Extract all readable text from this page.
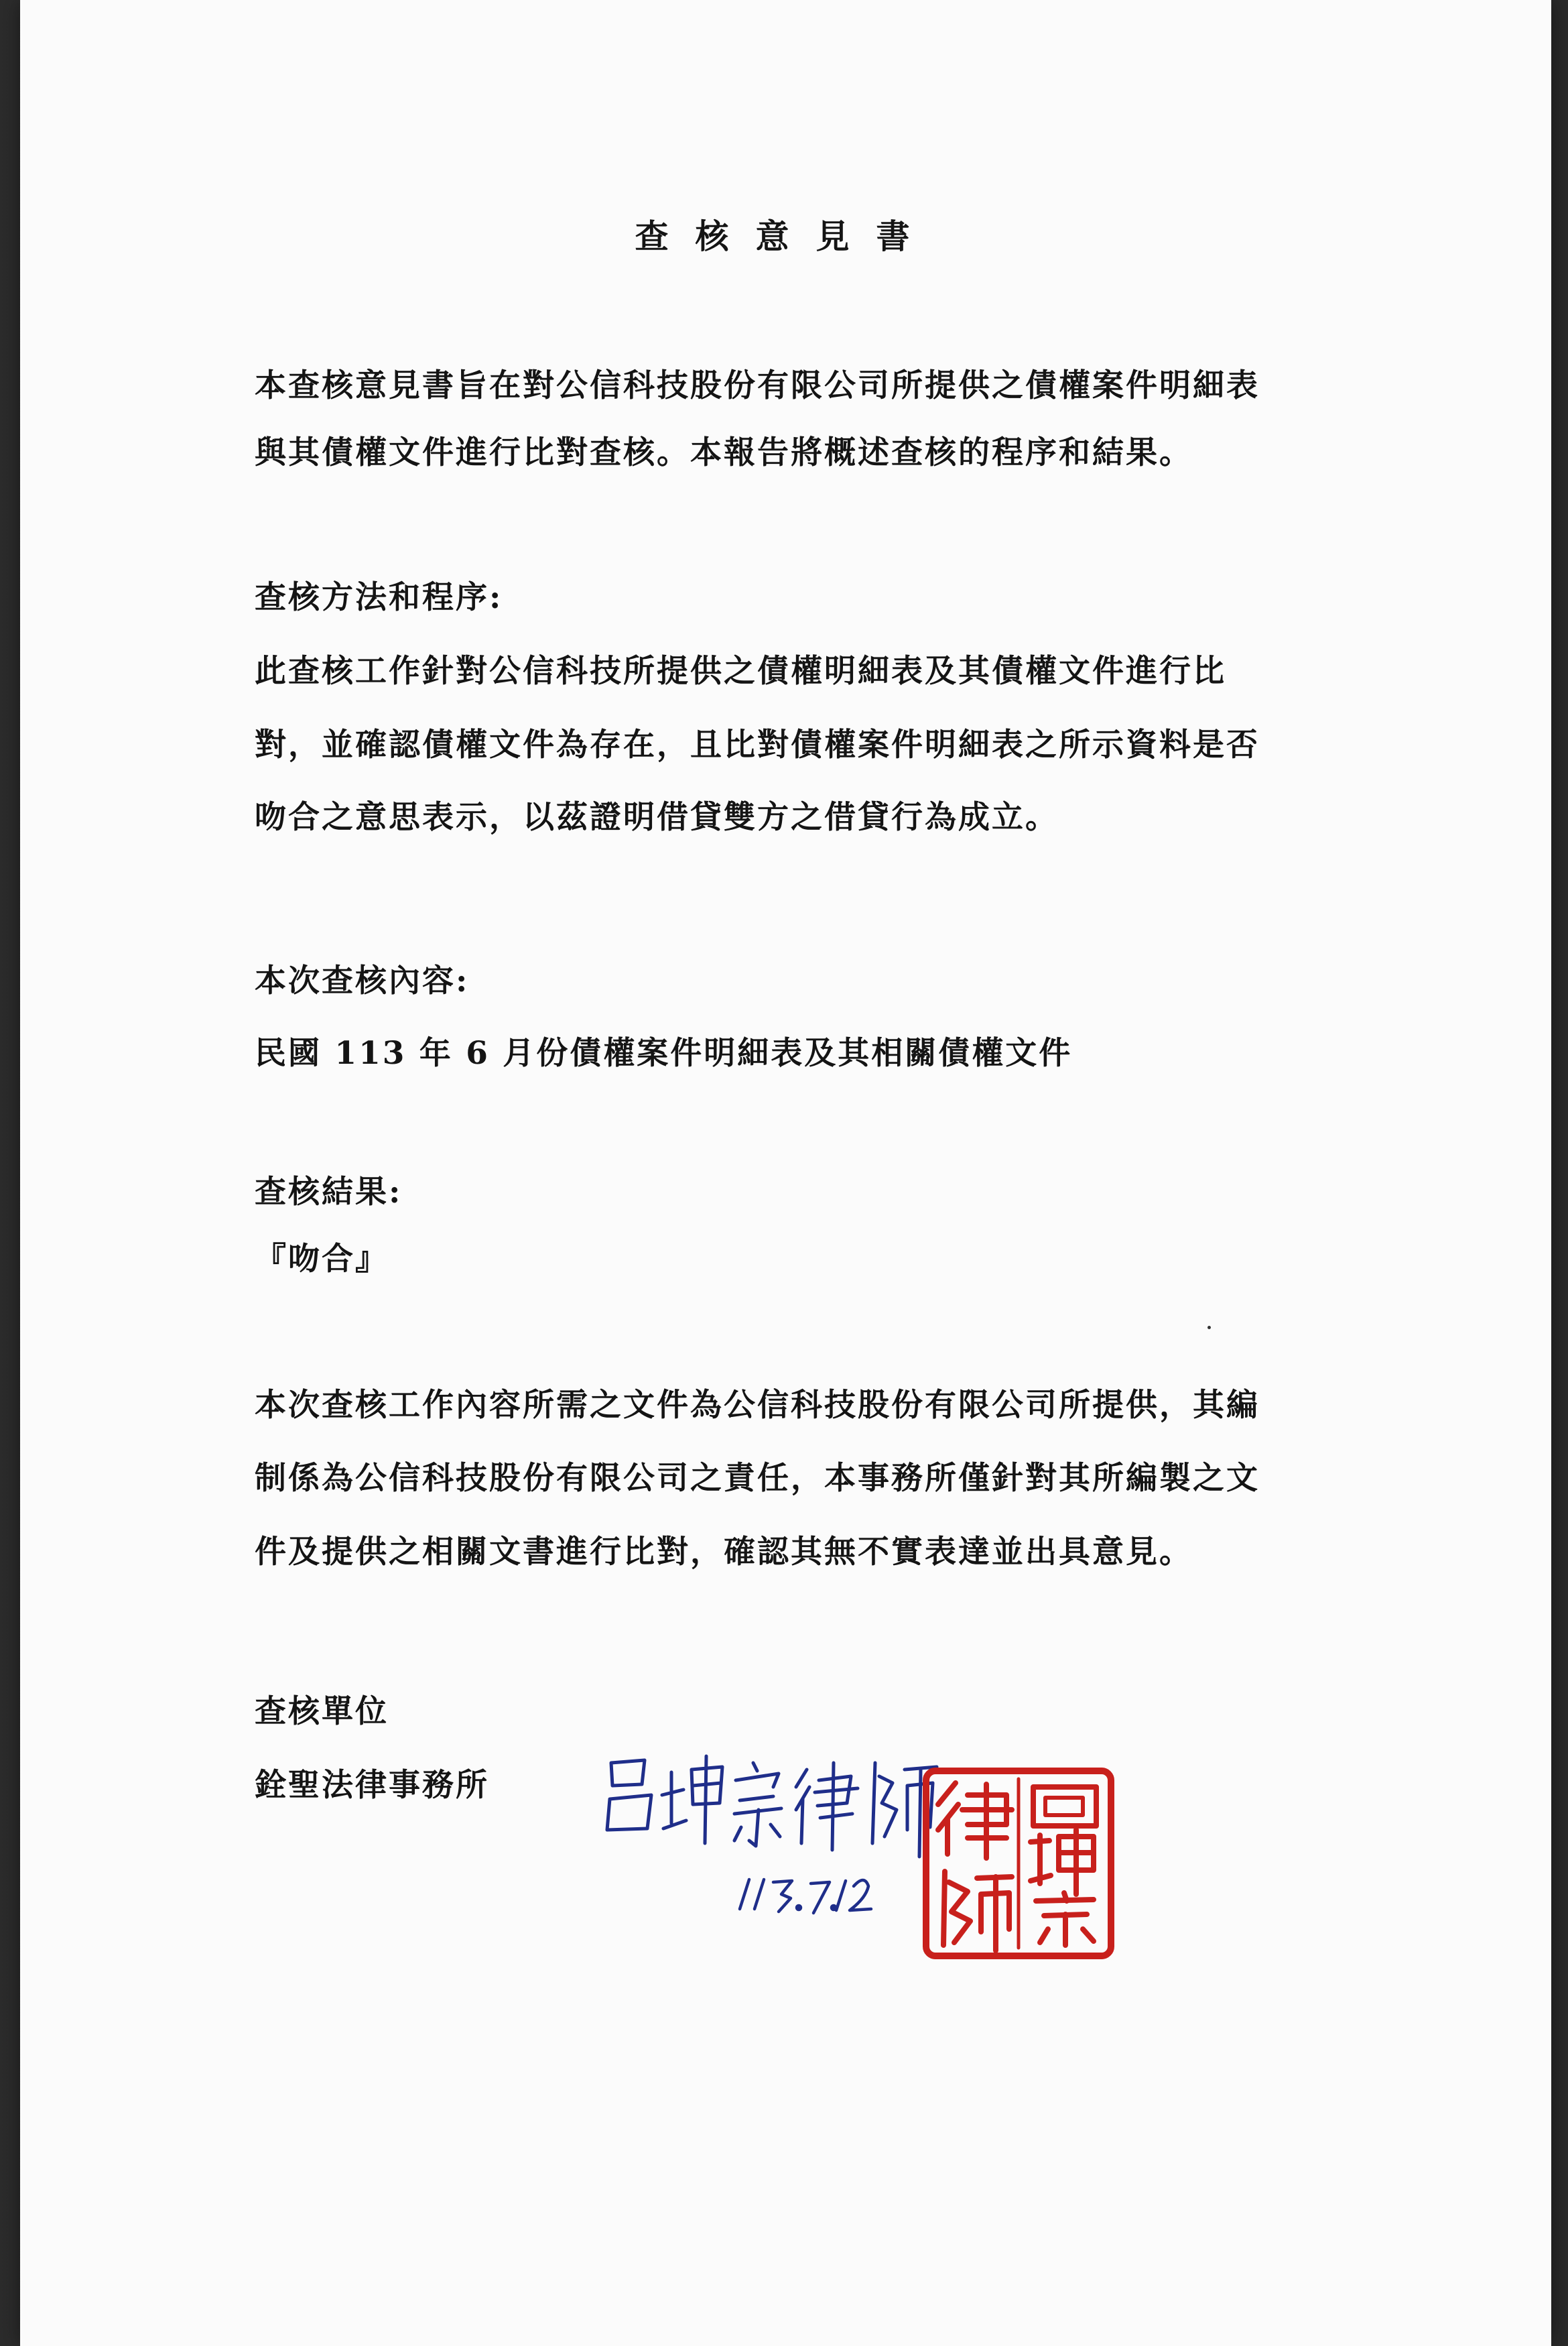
查核意見書
本查核意見書旨在對公信科技股份有限公司所提供之債權案件明細表
與其債權文件進行比對查核。本報告將概述查核的程序和結果。
查核方法和程序:
此查核工作針對公信科技所提供之債權明細表及其債權文件進行比
對，並確認債權文件為存在，且比對債權案件明細表之所示資料是否
吻合之意思表示，以茲證明借貸雙方之借貸行為成立。
本次查核內容:
民國 113 年 6 月份債權案件明細表及其相關債權文件
查核結果:
『吻合』
本次查核工作內容所需之文件為公信科技股份有限公司所提供，其編
制係為公信科技股份有限公司之責任，本事務所僅針對其所編製之文
件及提供之相關文書進行比對，確認其無不實表達並出具意見。
查核單位
銓聖法律事務所
